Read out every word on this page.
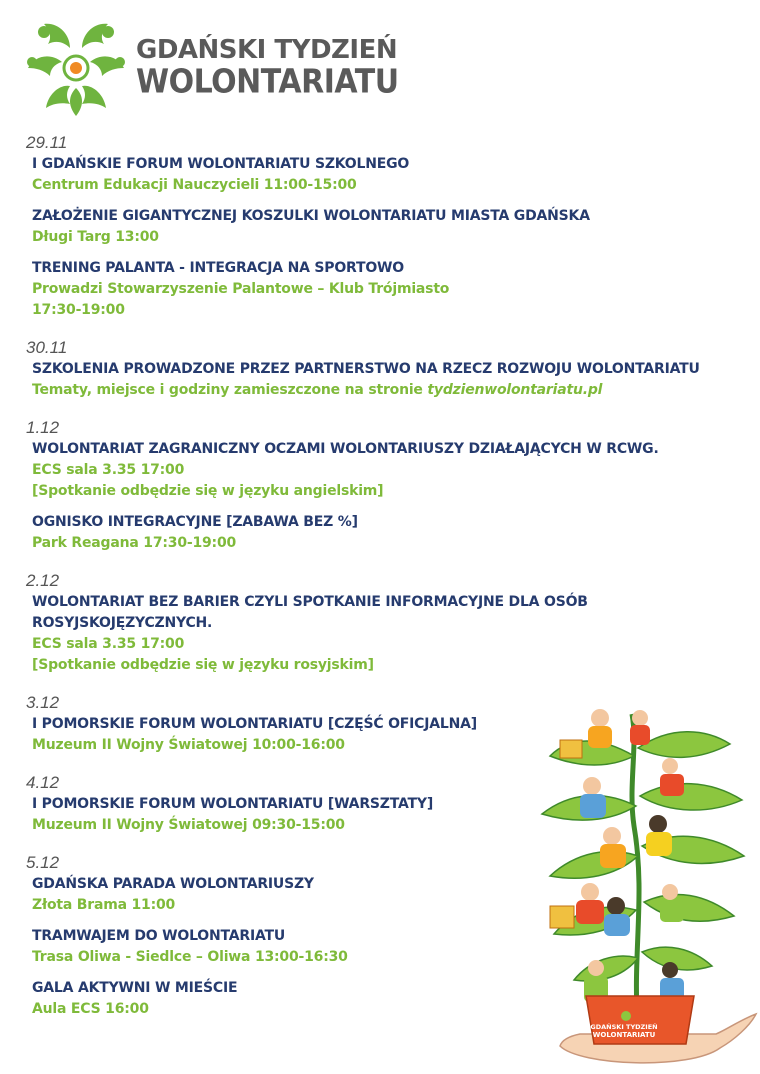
GDAŃSKI TYDZIEŃ
WOLONTARIATU
29.11
I GDAŃSKIE FORUM WOLONTARIATU SZKOLNEGO
Centrum Edukacji Nauczycieli 11:00-15:00
ZAŁOŻENIE GIGANTYCZNEJ KOSZULKI WOLONTARIATU MIASTA GDAŃSKA
Długi Targ 13:00
TRENING PALANTA - INTEGRACJA NA SPORTOWO
Prowadzi Stowarzyszenie Palantowe – Klub Trójmiasto
17:30-19:00
30.11
SZKOLENIA PROWADZONE PRZEZ PARTNERSTWO NA RZECZ ROZWOJU WOLONTARIATU
Tematy, miejsce i godziny zamieszczone na stronie tydzienwolontariatu.pl
1.12
WOLONTARIAT ZAGRANICZNY OCZAMI WOLONTARIUSZY DZIAŁAJĄCYCH W RCWG.
ECS sala 3.35 17:00
[Spotkanie odbędzie się w języku angielskim]
OGNISKO INTEGRACYJNE [ZABAWA BEZ %]
Park Reagana 17:30-19:00
2.12
WOLONTARIAT BEZ BARIER CZYLI SPOTKANIE INFORMACYJNE DLA OSÓB ROSYJSKOJĘZYCZNYCH.
ECS sala 3.35 17:00
[Spotkanie odbędzie się w języku rosyjskim]
3.12
I POMORSKIE FORUM WOLONTARIATU [CZĘŚĆ OFICJALNA]
Muzeum II Wojny Światowej 10:00-16:00
4.12
I POMORSKIE FORUM WOLONTARIATU [WARSZTATY]
Muzeum II Wojny Światowej 09:30-15:00
5.12
GDAŃSKA PARADA WOLONTARIUSZY
Złota Brama 11:00
TRAMWAJEM DO WOLONTARIATU
Trasa Oliwa - Siedlce – Oliwa 13:00-16:30
GALA AKTYWNI W MIEŚCIE
Aula ECS 16:00
GDAŃSKI TYDZIEŃ
WOLONTARIATU
